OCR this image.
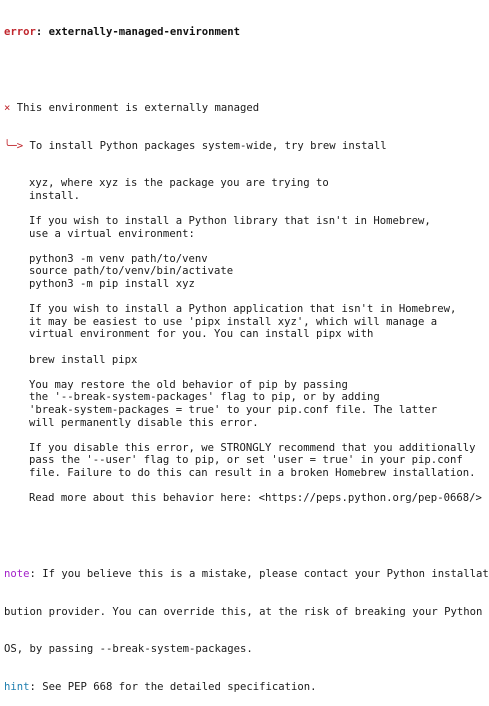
error: externally-managed-environment

× This environment is externally managed

╰─> To install Python packages system-wide, try brew install

xyz, where xyz is the package you are trying to
install.
If you wish to install a Python library that isn't in Homebrew,
use a virtual environment:
python3 -m venv path/to/venv
source path/to/venv/bin/activate
python3 -m pip install xyz
If you wish to install a Python application that isn't in Homebrew,
it may be easiest to use 'pipx install xyz', which will manage a
virtual environment for you. You can install pipx with
brew install pipx
You may restore the old behavior of pip by passing
the '--break-system-packages' flag to pip, or by adding
'break-system-packages = true' to your pip.conf file. The latter
will permanently disable this error.
If you disable this error, we STRONGLY recommend that you additionally
pass the '--user' flag to pip, or set 'user = true' in your pip.conf
file. Failure to do this can result in a broken Homebrew installation.
Read more about this behavior here: <https://peps.python.org/pep-0668/>

note: If you believe this is a mistake, please contact your Python installat

bution provider. You can override this, at the risk of breaking your Python

OS, by passing --break-system-packages.

hint: See PEP 668 for the detailed specification.
